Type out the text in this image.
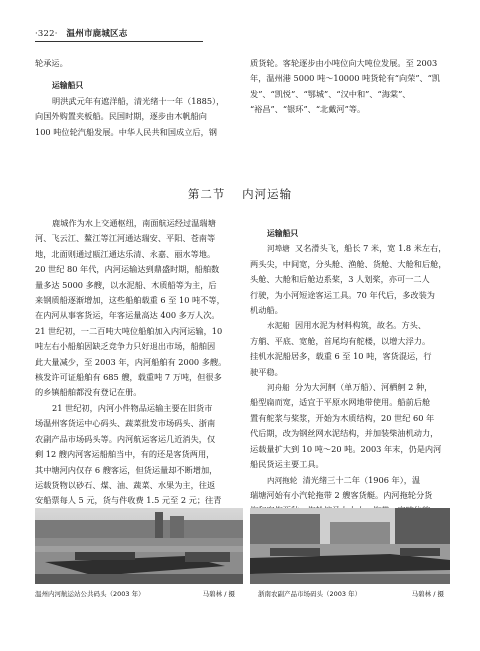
·322· 温州市鹿城区志
轮承运。
运输船只
明洪武元年有遮洋船，清光绪十一年（1885），
向国外购置夹板船。民国时期，逐步由木帆船向
100 吨位轮汽船发展。中华人民共和国成立后，钢
质货轮。客轮逐步由小吨位向大吨位发展。至 2003
年，温州港 5000 吨～10000 吨货轮有“向荣”、“凯
发”、“凯悦”、“鄂城”、“汉中和”、“海棠”、
“裕昌”、“银环”、“北戴河”等。
第二节 内河运输
鹿城作为水上交通枢纽，南面航运经过温瑞塘
河、飞云江、鳌江等江河通达瑞安、平阳、苍南等
地，北面则通过瓯江通达乐清、永嘉、丽水等地。
20 世纪 80 年代，内河运输达到鼎盛时期，船舶数
量多达 5000 多艘，以水泥船、木质船等为主，后
来钢质船逐渐增加，这些船舶载重 6 至 10 吨不等，
在内河从事客货运，年客运量高达 400 多万人次。
21 世纪初，一二百吨大吨位船舶加入内河运输，10
吨左右小船舶因缺乏竞争力只好退出市场，船舶因
此大量减少，至 2003 年，内河船舶有 2000 多艘。
核发许可证船舶有 685 艘，载重吨 7 万吨，但很多
的乡镇船舶都没有登记在册。
21 世纪初，内河小件物品运输主要在旧货市
场温州客货运中心码头、蔬菜批发市场码头、浙南
农副产品市场码头等。内河航运客运几近消失，仅
剩 12 艘内河客运船舶当中，有的还是客货两用，
其中塘河内仅存 6 艘客运，但货运量却不断增加，
运载货物以砂石、煤、油、蔬菜、水果为主，往返
安船票每人 5 元，货与件收费 1.5 元至 2 元；往青
运输船只
河埠塘 又名滑头飞，船长 7 米，宽 1.8 米左右，
两头尖，中间宽，分头舱、渔舱、货舱、大舱和后舱，
头舱、大舱和后舱边系桨，3 人划桨，亦可一二人
行驶，为小河短途客运工具。70 年代后，多改装为
机动船。
水泥船 因用水泥为材料构筑，故名。方头、
方艄、平底、宽舱，首尾均有舵楼，以增大浮力。
挂机水泥船居多，载重 6 至 10 吨，客货混运，行
驶平稳。
河舟船 分为大河舸（单万船）、河栖舸 2 种，
船型扁而宽，适宜于平原水网地带使用。船前后舱
置有舵浆与桨浆，开始为木质结构，20 世纪 60 年
代后期，改为钢丝网水泥结构，并加装柴油机动力，
运载量扩大到 10 吨～20 吨。2003 年末，仍是内河
船民货运主要工具。
内河拖轮 清光绪三十二年（1906 年），温
瑞塘河始有小汽轮拖带 2 艘客货艇。内河拖轮分货
温州内河航运站公共码头（2003 年）	马碧林 / 摄	浙南农副产品市场码头（2003 年）	马碧林 / 摄
